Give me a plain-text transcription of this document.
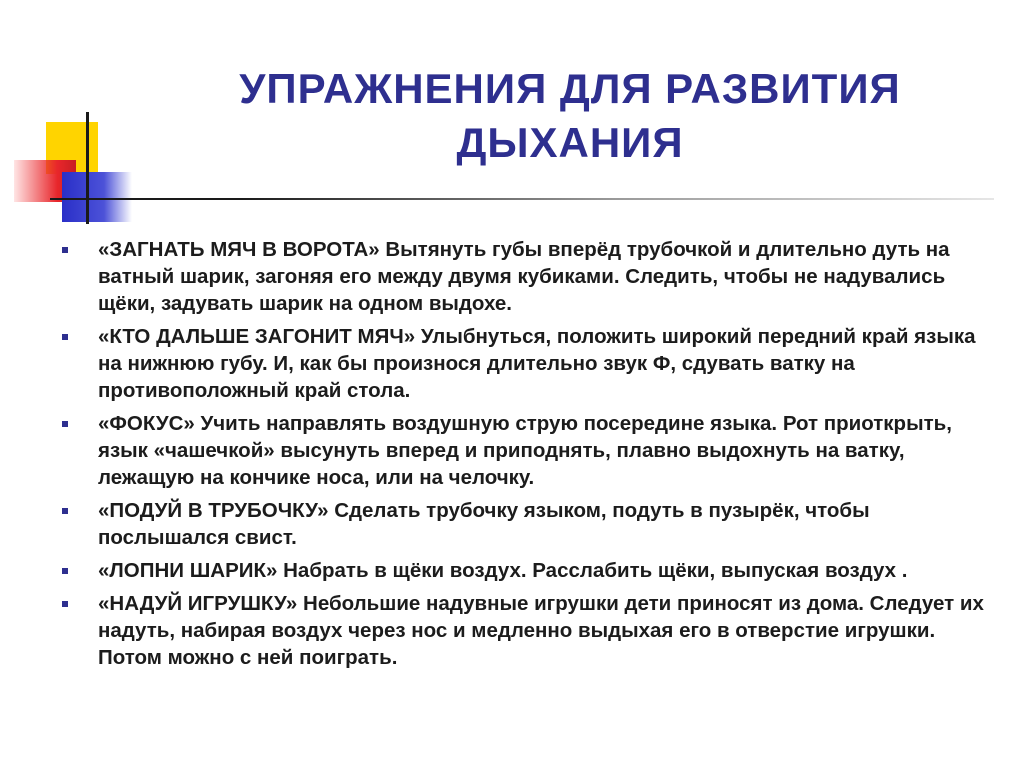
УПРАЖНЕНИЯ ДЛЯ РАЗВИТИЯ ДЫХАНИЯ
«ЗАГНАТЬ МЯЧ В ВОРОТА» Вытянуть губы вперёд трубочкой и длительно дуть на ватный шарик, загоняя его между двумя кубиками. Следить, чтобы не надувались щёки, задувать шарик на одном выдохе.
«КТО ДАЛЬШЕ ЗАГОНИТ МЯЧ» Улыбнуться, положить широкий передний край языка на нижнюю губу. И, как бы произнося длительно звук Ф, сдувать ватку на противоположный край стола.
«ФОКУС» Учить направлять воздушную струю посередине языка. Рот приоткрыть, язык «чашечкой» высунуть вперед и приподнять, плавно выдохнуть на ватку, лежащую на кончике носа, или на челочку.
«ПОДУЙ В ТРУБОЧКУ» Сделать трубочку языком, подуть в пузырёк, чтобы послышался свист.
«ЛОПНИ ШАРИК» Набрать в щёки воздух. Расслабить щёки, выпуская воздух .
«НАДУЙ ИГРУШКУ» Небольшие надувные игрушки дети приносят из дома. Следует их надуть, набирая воздух через нос и медленно выдыхая его в отверстие игрушки. Потом можно с ней поиграть.
